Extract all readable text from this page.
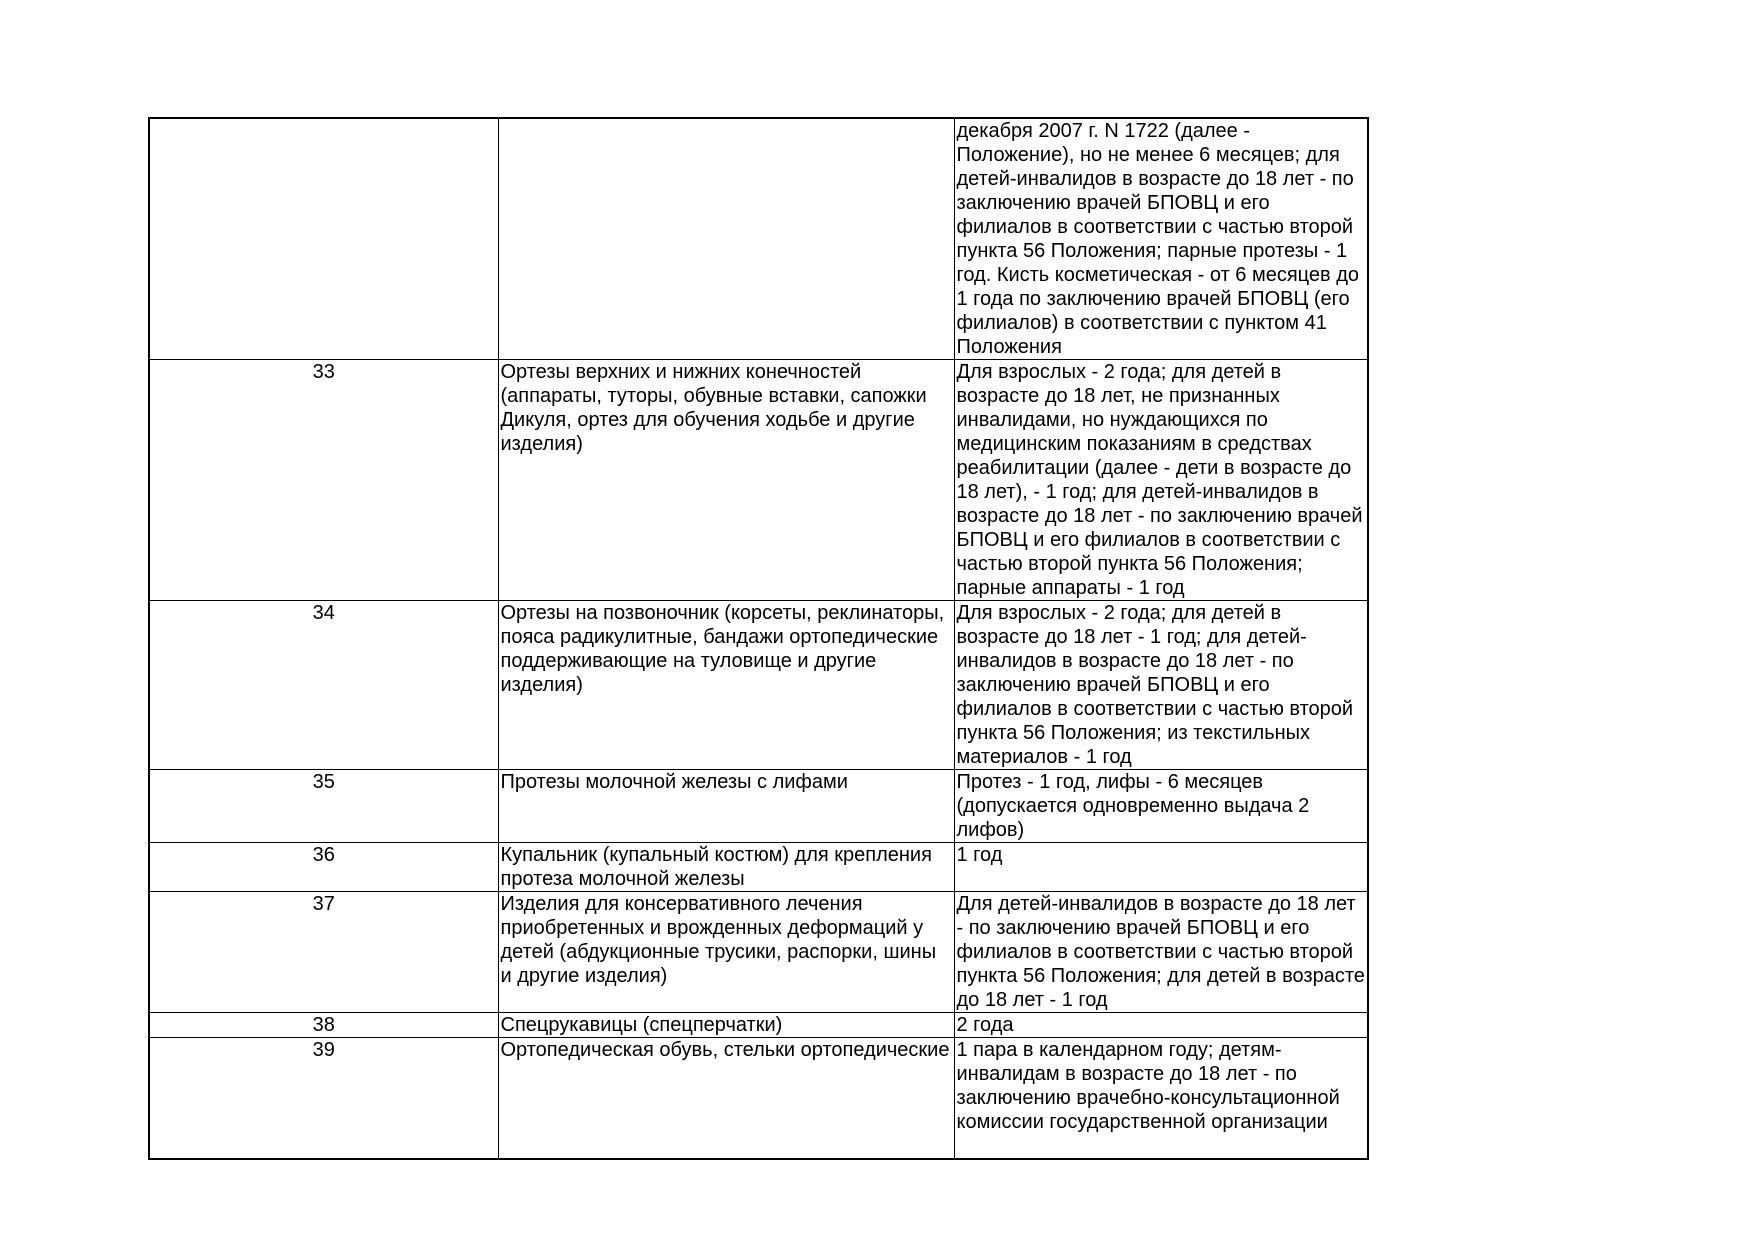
		декабря 2007 г. N 1722 (далее - Положение), но не менее 6 месяцев; для детей-инвалидов в возрасте до 18 лет - по заключению врачей БПОВЦ и его филиалов в соответствии с частью второй пункта 56 Положения; парные протезы - 1 год. Кисть косметическая - от 6 месяцев до 1 года по заключению врачей БПОВЦ (его филиалов) в соответствии с пунктом 41 Положения
33	Ортезы верхних и нижних конечностей (аппараты, туторы, обувные вставки, сапожки Дикуля, ортез для обучения ходьбе и другие изделия)	Для взрослых - 2 года; для детей в возрасте до 18 лет, не признанных инвалидами, но нуждающихся по медицинским показаниям в средствах реабилитации (далее - дети в возрасте до 18 лет), - 1 год; для детей-инвалидов в возрасте до 18 лет - по заключению врачей БПОВЦ и его филиалов в соответствии с частью второй пункта 56 Положения; парные аппараты - 1 год
34	Ортезы на позвоночник (корсеты, реклинаторы, пояса радикулитные, бандажи ортопедические поддерживающие на туловище и другие изделия)	Для взрослых - 2 года; для детей в возрасте до 18 лет - 1 год; для детей-инвалидов в возрасте до 18 лет - по заключению врачей БПОВЦ и его филиалов в соответствии с частью второй пункта 56 Положения; из текстильных материалов - 1 год
35	Протезы молочной железы с лифами	Протез - 1 год, лифы - 6 месяцев (допускается одновременно выдача 2 лифов)
36	Купальник (купальный костюм) для крепления протеза молочной железы	1 год
37	Изделия для консервативного лечения приобретенных и врожденных деформаций у детей (абдукционные трусики, распорки, шины и другие изделия)	Для детей-инвалидов в возрасте до 18 лет - по заключению врачей БПОВЦ и его филиалов в соответствии с частью второй пункта 56 Положения; для детей в возрасте до 18 лет - 1 год
38	Спецрукавицы (спецперчатки)	2 года
39	Ортопедическая обувь, стельки ортопедические	1 пара в календарном году; детям-инвалидам в возрасте до 18 лет - по заключению врачебно-консультационной комиссии государственной организации
